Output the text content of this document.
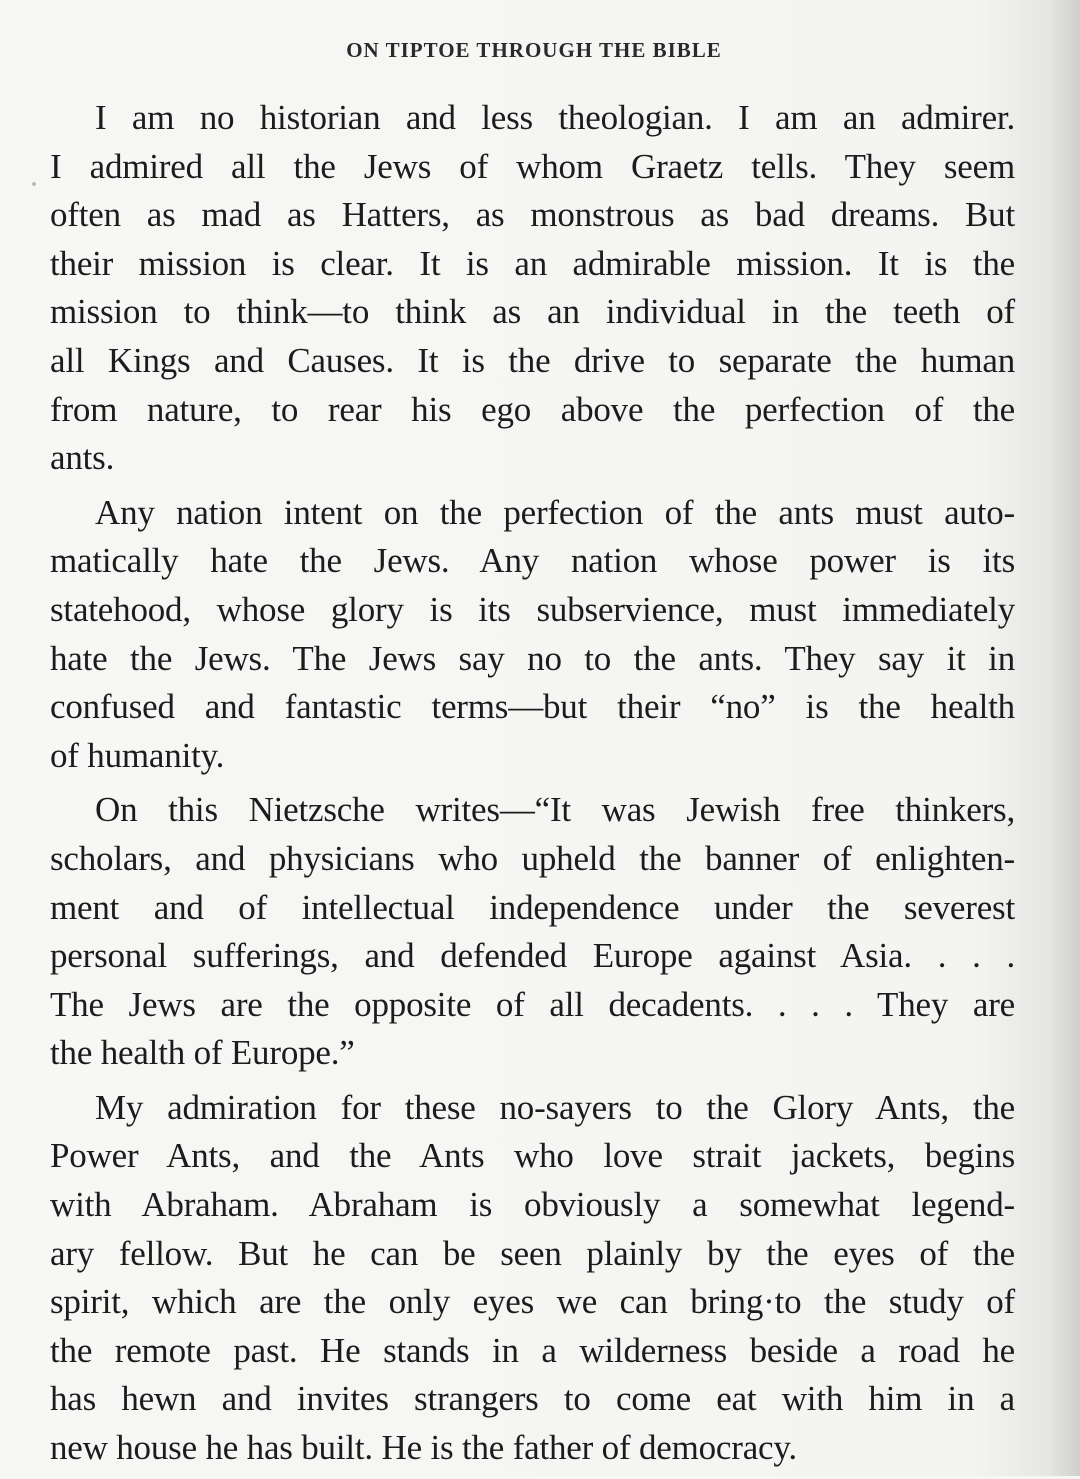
ON TIPTOE THROUGH THE BIBLE
I am no historian and less theologian. I am an admirer.
I admired all the Jews of whom Graetz tells. They seem
often as mad as Hatters, as monstrous as bad dreams. But
their mission is clear. It is an admirable mission. It is the
mission to think—to think as an individual in the teeth of
all Kings and Causes. It is the drive to separate the human
from nature, to rear his ego above the perfection of the
ants.
Any nation intent on the perfection of the ants must auto-
matically hate the Jews. Any nation whose power is its
statehood, whose glory is its subservience, must immediately
hate the Jews. The Jews say no to the ants. They say it in
confused and fantastic terms—but their “no” is the health
of humanity.
On this Nietzsche writes—“It was Jewish free thinkers,
scholars, and physicians who upheld the banner of enlighten-
ment and of intellectual independence under the severest
personal sufferings, and defended Europe against Asia. . . .
The Jews are the opposite of all decadents. . . . They are
the health of Europe.”
My admiration for these no-sayers to the Glory Ants, the
Power Ants, and the Ants who love strait jackets, begins
with Abraham. Abraham is obviously a somewhat legend-
ary fellow. But he can be seen plainly by the eyes of the
spirit, which are the only eyes we can bring·to the study of
the remote past. He stands in a wilderness beside a road he
has hewn and invites strangers to come eat with him in a
new house he has built. He is the father of democracy.
